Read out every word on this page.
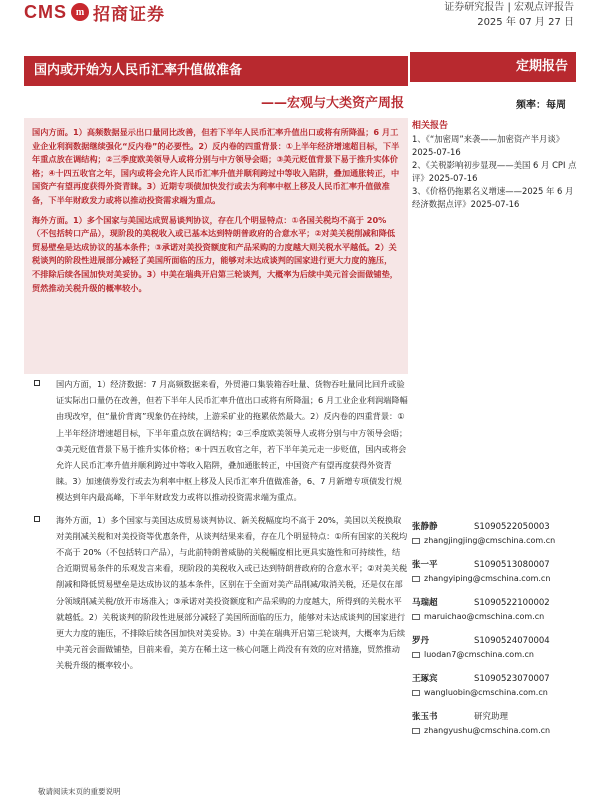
CMS m 招商证券	证券研究报告 | 宏观点评报告
2025 年 07 月 27 日
国内或开始为人民币汇率升值做准备	定期报告
——宏观与大类资产周报	频率：每周

国内方面。1）高频数据显示出口量同比改善，但若下半年人民币汇率升值出口或将有所降温；6 月工业企业利润数据继续强化“反内卷”的必要性。2）反内卷的四重背景：①上半年经济增速超目标，下半年重点放在调结构；②三季度欧美领导人或将分别与中方领导会晤；③美元贬值背景下易于推升实体价格；④十四五收官之年，国内或将会允许人民币汇率升值并顺利跨过中等收入陷阱，叠加通胀转正，中国资产有望再度获得外资青睐。3）近期专项债加快发行或去为利率中枢上移及人民币汇率升值做准备，下半年财政发力或将以推动投资需求端为重点。

海外方面。1）多个国家与美国达成贸易谈判协议，存在几个明显特点：①各国关税均不高于 20%（不包括转口产品），现阶段的美税收入或已基本达到特朗普政府的合意水平；②对美关税削减和降低贸易壁垒是达成协议的基本条件；③承诺对美投资额度和产品采购的力度越大则关税水平越低。2）关税谈判的阶段性进展部分减轻了美国所面临的压力，能够对未达成谈判的国家进行更大力度的施压，不排除后续各国加快对美妥协。3）中美在瑞典开启第三轮谈判，大概率为后续中美元首会面做铺垫，贸然推动关税升级的概率较小。

相关报告
1、《“加密周”来袭——加密资产半月谈》2025-07-16
2、《关税影响初步显现——美国 6 月 CPI 点评》2025-07-16
3、《价格仍拖累名义增速——2025 年 6 月经济数据点评》2025-07-16
国内方面，1）经济数据：7 月高频数据来看，外贸港口集装箱吞吐量、货物吞吐量同比回升或验证实际出口量仍在改善，但若下半年人民币汇率升值出口或将有所降温；6 月工业企业利润端降幅由现改窄，但“量价背离”现象仍在持续，上游采矿业的拖累依然最大。2）反内卷的四重背景：①上半年经济增速超目标，下半年重点放在调结构；②三季度欧美领导人或将分别与中方领导会晤；③美元贬值背景下易于推升实体价格；④十四五收官之年，若下半年美元走一步贬值，国内或将会允许人民币汇率升值并顺利跨过中等收入陷阱，叠加通胀转正，中国资产有望再度获得外资青睐。3）加速债券发行或去为利率中枢上移及人民币汇率升值做准备，6、7 月新增专项债发行规模达到年内最高峰，下半年财政发力或将以推动投资需求端为重点。
海外方面，1）多个国家与美国达成贸易谈判协议、新关税幅度均不高于 20%，美国以关税换取对美削减关税和对美投资等优惠条件，从谈判结果来看，存在几个明显特点：①所有国家的关税均不高于 20%（不包括转口产品），与此前特朗普威胁的关税幅度相比更具实施性和可持续性，结合近期贸易条件的乐观发言来看，现阶段的美税收入或已达到特朗普政府的合意水平；②对美关税削减和降低贸易壁垒是达成协议的基本条件，区别在于全面对美产品削减/取消关税，还是仅在部分领域削减关税/放开市场准入；③承诺对美投资额度和产品采购的力度越大，所得到的关税水平就越低。2）关税谈判的阶段性进展部分减轻了美国所面临的压力，能够对未达成谈判的国家进行更大力度的施压，不排除后续各国加快对美妥协。3）中美在瑞典开启第三轮谈判，大概率为后续中美元首会面做铺垫，目前来看，美方在稀土这一核心问题上尚没有有效的应对措施，贸然推动关税升级的概率较小。
张静静	S1090522050003
zhangjingjing@cmschina.com.cn
张一平	S1090513080007
zhangyiping@cmschina.com.cn
马瑞超	S1090522100002
maruichao@cmschina.com.cn
罗丹	S1090524070004
luodan7@cmschina.com.cn
王琢宾	S1090523070007
wangluobin@cmschina.com.cn
张玉书	研究助理
zhangyushu@cmschina.com.cn
敬请阅读末页的重要说明
